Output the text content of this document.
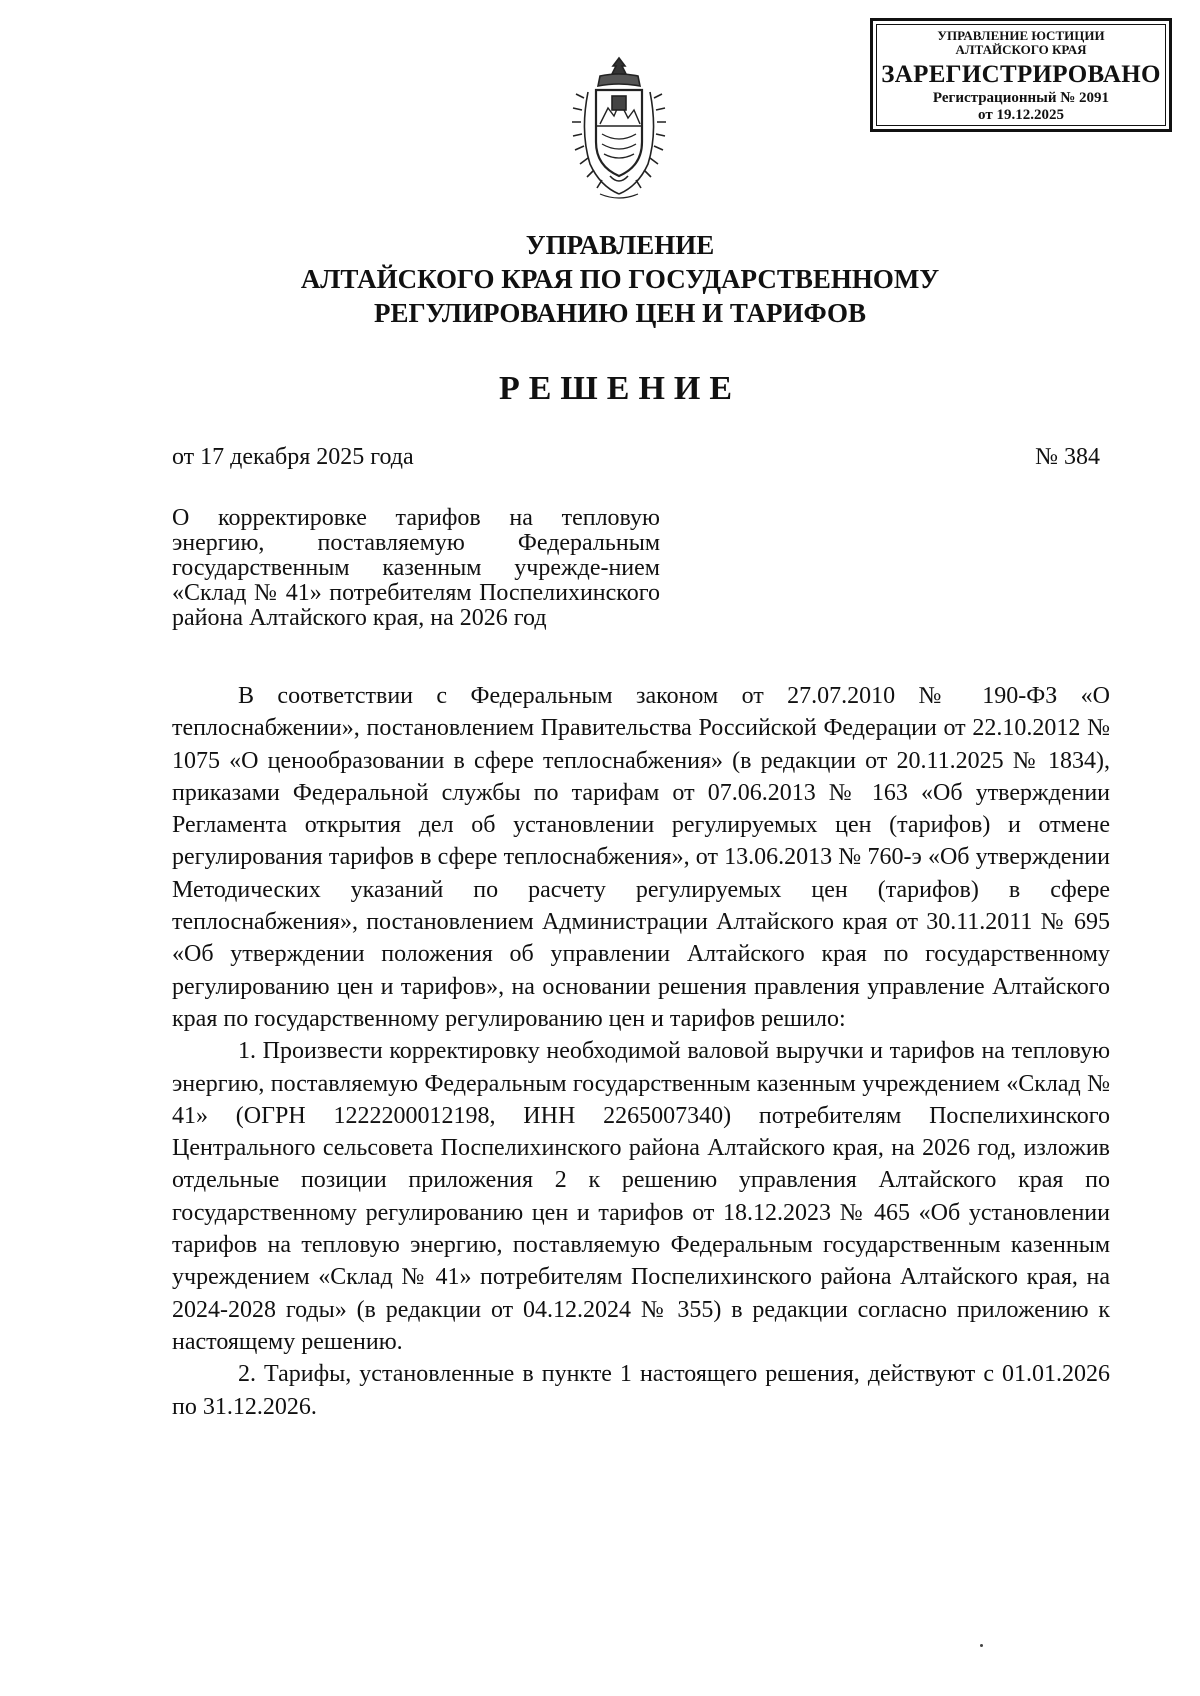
УПРАВЛЕНИЕ ЮСТИЦИИ
АЛТАЙСКОГО КРАЯ
ЗАРЕГИСТРИРОВАНО
Регистрационный № 2091
от 19.12.2025
УПРАВЛЕНИЕ
АЛТАЙСКОГО КРАЯ ПО ГОСУДАРСТВЕННОМУ
РЕГУЛИРОВАНИЮ ЦЕН И ТАРИФОВ
РЕШЕНИЕ
от 17 декабря 2025 года	№ 384
О корректировке тарифов на тепловую энергию, поставляемую Федеральным государственным казенным учрежде-нием «Склад № 41» потребителям Поспелихинского района Алтайского края, на 2026 год

В соответствии с Федеральным законом от 27.07.2010 № 190-ФЗ «О теплоснабжении», постановлением Правительства Российской Федерации от 22.10.2012 № 1075 «О ценообразовании в сфере теплоснабжения» (в редакции от 20.11.2025 № 1834), приказами Федеральной службы по тарифам от 07.06.2013 № 163 «Об утверждении Регламента открытия дел об установлении регулируемых цен (тарифов) и отмене регулирования тарифов в сфере теплоснабжения», от 13.06.2013 № 760-э «Об утверждении Методических указаний по расчету регулируемых цен (тарифов) в сфере теплоснабжения», постановлением Администрации Алтайского края от 30.11.2011 № 695 «Об утверждении положения об управлении Алтайского края по государственному регулированию цен и тарифов», на основании решения правления управление Алтайского края по государственному регулированию цен и тарифов решило:

1. Произвести корректировку необходимой валовой выручки и тарифов на тепловую энергию, поставляемую Федеральным государственным казенным учреждением «Склад № 41» (ОГРН 1222200012198, ИНН 2265007340) потребителям Поспелихинского Центрального сельсовета Поспелихинского района Алтайского края, на 2026 год, изложив отдельные позиции приложения 2 к решению управления Алтайского края по государственному регулированию цен и тарифов от 18.12.2023 № 465 «Об установлении тарифов на тепловую энергию, поставляемую Федеральным государственным казенным учреждением «Склад № 41» потребителям Поспелихинского района Алтайского края, на 2024-2028 годы» (в редакции от 04.12.2024 № 355) в редакции согласно приложению к настоящему решению.

2. Тарифы, установленные в пункте 1 настоящего решения, действуют с 01.01.2026 по 31.12.2026.
